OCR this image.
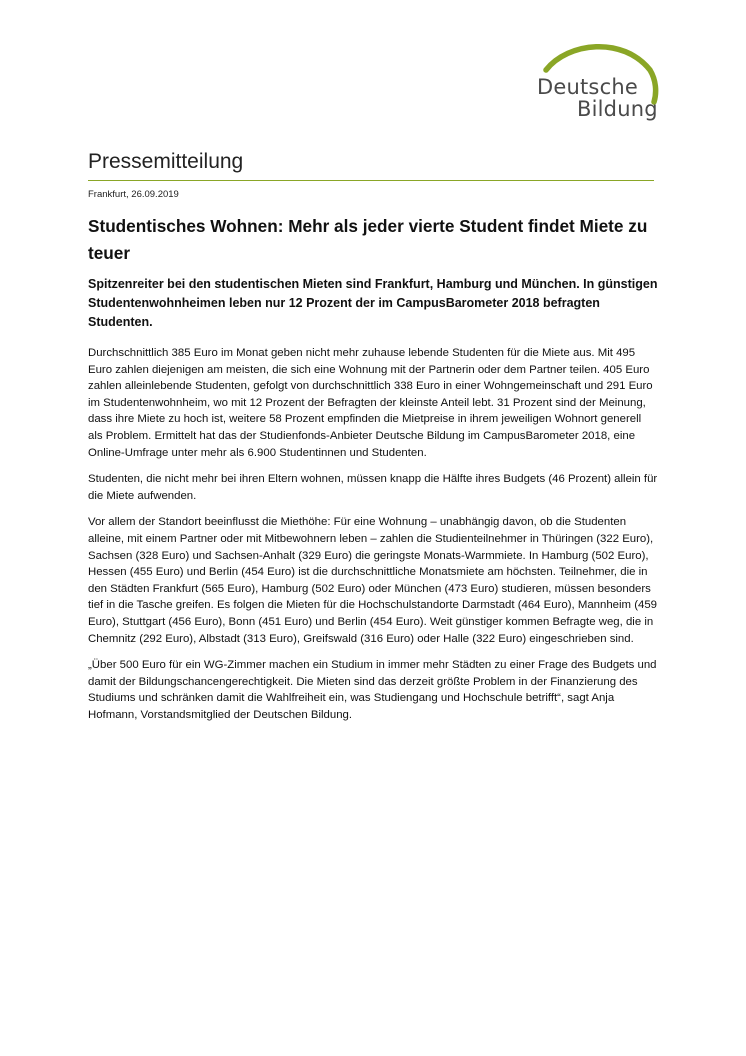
Deutsche
Bildung
Pressemitteilung
Frankfurt, 26.09.2019
Studentisches Wohnen: Mehr als jeder vierte Student findet Miete zu teuer
Spitzenreiter bei den studentischen Mieten sind Frankfurt, Hamburg und München. In günstigen Studentenwohnheimen leben nur 12 Prozent der im CampusBarometer 2018 befragten Studenten.

Durchschnittlich 385 Euro im Monat geben nicht mehr zuhause lebende Studenten für die Miete aus. Mit 495 Euro zahlen diejenigen am meisten, die sich eine Wohnung mit der Partnerin oder dem Partner teilen. 405 Euro zahlen alleinlebende Studenten, gefolgt von durchschnittlich 338 Euro in einer Wohngemeinschaft und 291 Euro im Studentenwohnheim, wo mit 12 Prozent der Befragten der kleinste Anteil lebt. 31 Prozent sind der Meinung, dass ihre Miete zu hoch ist, weitere 58 Prozent empfinden die Mietpreise in ihrem jeweiligen Wohnort generell als Problem. Ermittelt hat das der Studienfonds-Anbieter Deutsche Bildung im CampusBarometer 2018, eine Online-Umfrage unter mehr als 6.900 Studentinnen und Studenten.

Studenten, die nicht mehr bei ihren Eltern wohnen, müssen knapp die Hälfte ihres Budgets (46 Prozent) allein für die Miete aufwenden.

Vor allem der Standort beeinflusst die Miethöhe: Für eine Wohnung – unabhängig davon, ob die Studenten alleine, mit einem Partner oder mit Mitbewohnern leben – zahlen die Studienteilnehmer in Thüringen (322 Euro), Sachsen (328 Euro) und Sachsen-Anhalt (329 Euro) die geringste Monats-Warmmiete. In Hamburg (502 Euro), Hessen (455 Euro) und Berlin (454 Euro) ist die durchschnittliche Monatsmiete am höchsten. Teilnehmer, die in den Städten Frankfurt (565 Euro), Hamburg (502 Euro) oder München (473 Euro) studieren, müssen besonders tief in die Tasche greifen. Es folgen die Mieten für die Hochschulstandorte Darmstadt (464 Euro), Mannheim (459 Euro), Stuttgart (456 Euro), Bonn (451 Euro) und Berlin (454 Euro). Weit günstiger kommen Befragte weg, die in Chemnitz (292 Euro), Albstadt (313 Euro), Greifswald (316 Euro) oder Halle (322 Euro) eingeschrieben sind.

„Über 500 Euro für ein WG-Zimmer machen ein Studium in immer mehr Städten zu einer Frage des Budgets und damit der Bildungschancengerechtigkeit. Die Mieten sind das derzeit größte Problem in der Finanzierung des Studiums und schränken damit die Wahlfreiheit ein, was Studiengang und Hochschule betrifft“, sagt Anja Hofmann, Vorstandsmitglied der Deutschen Bildung.
